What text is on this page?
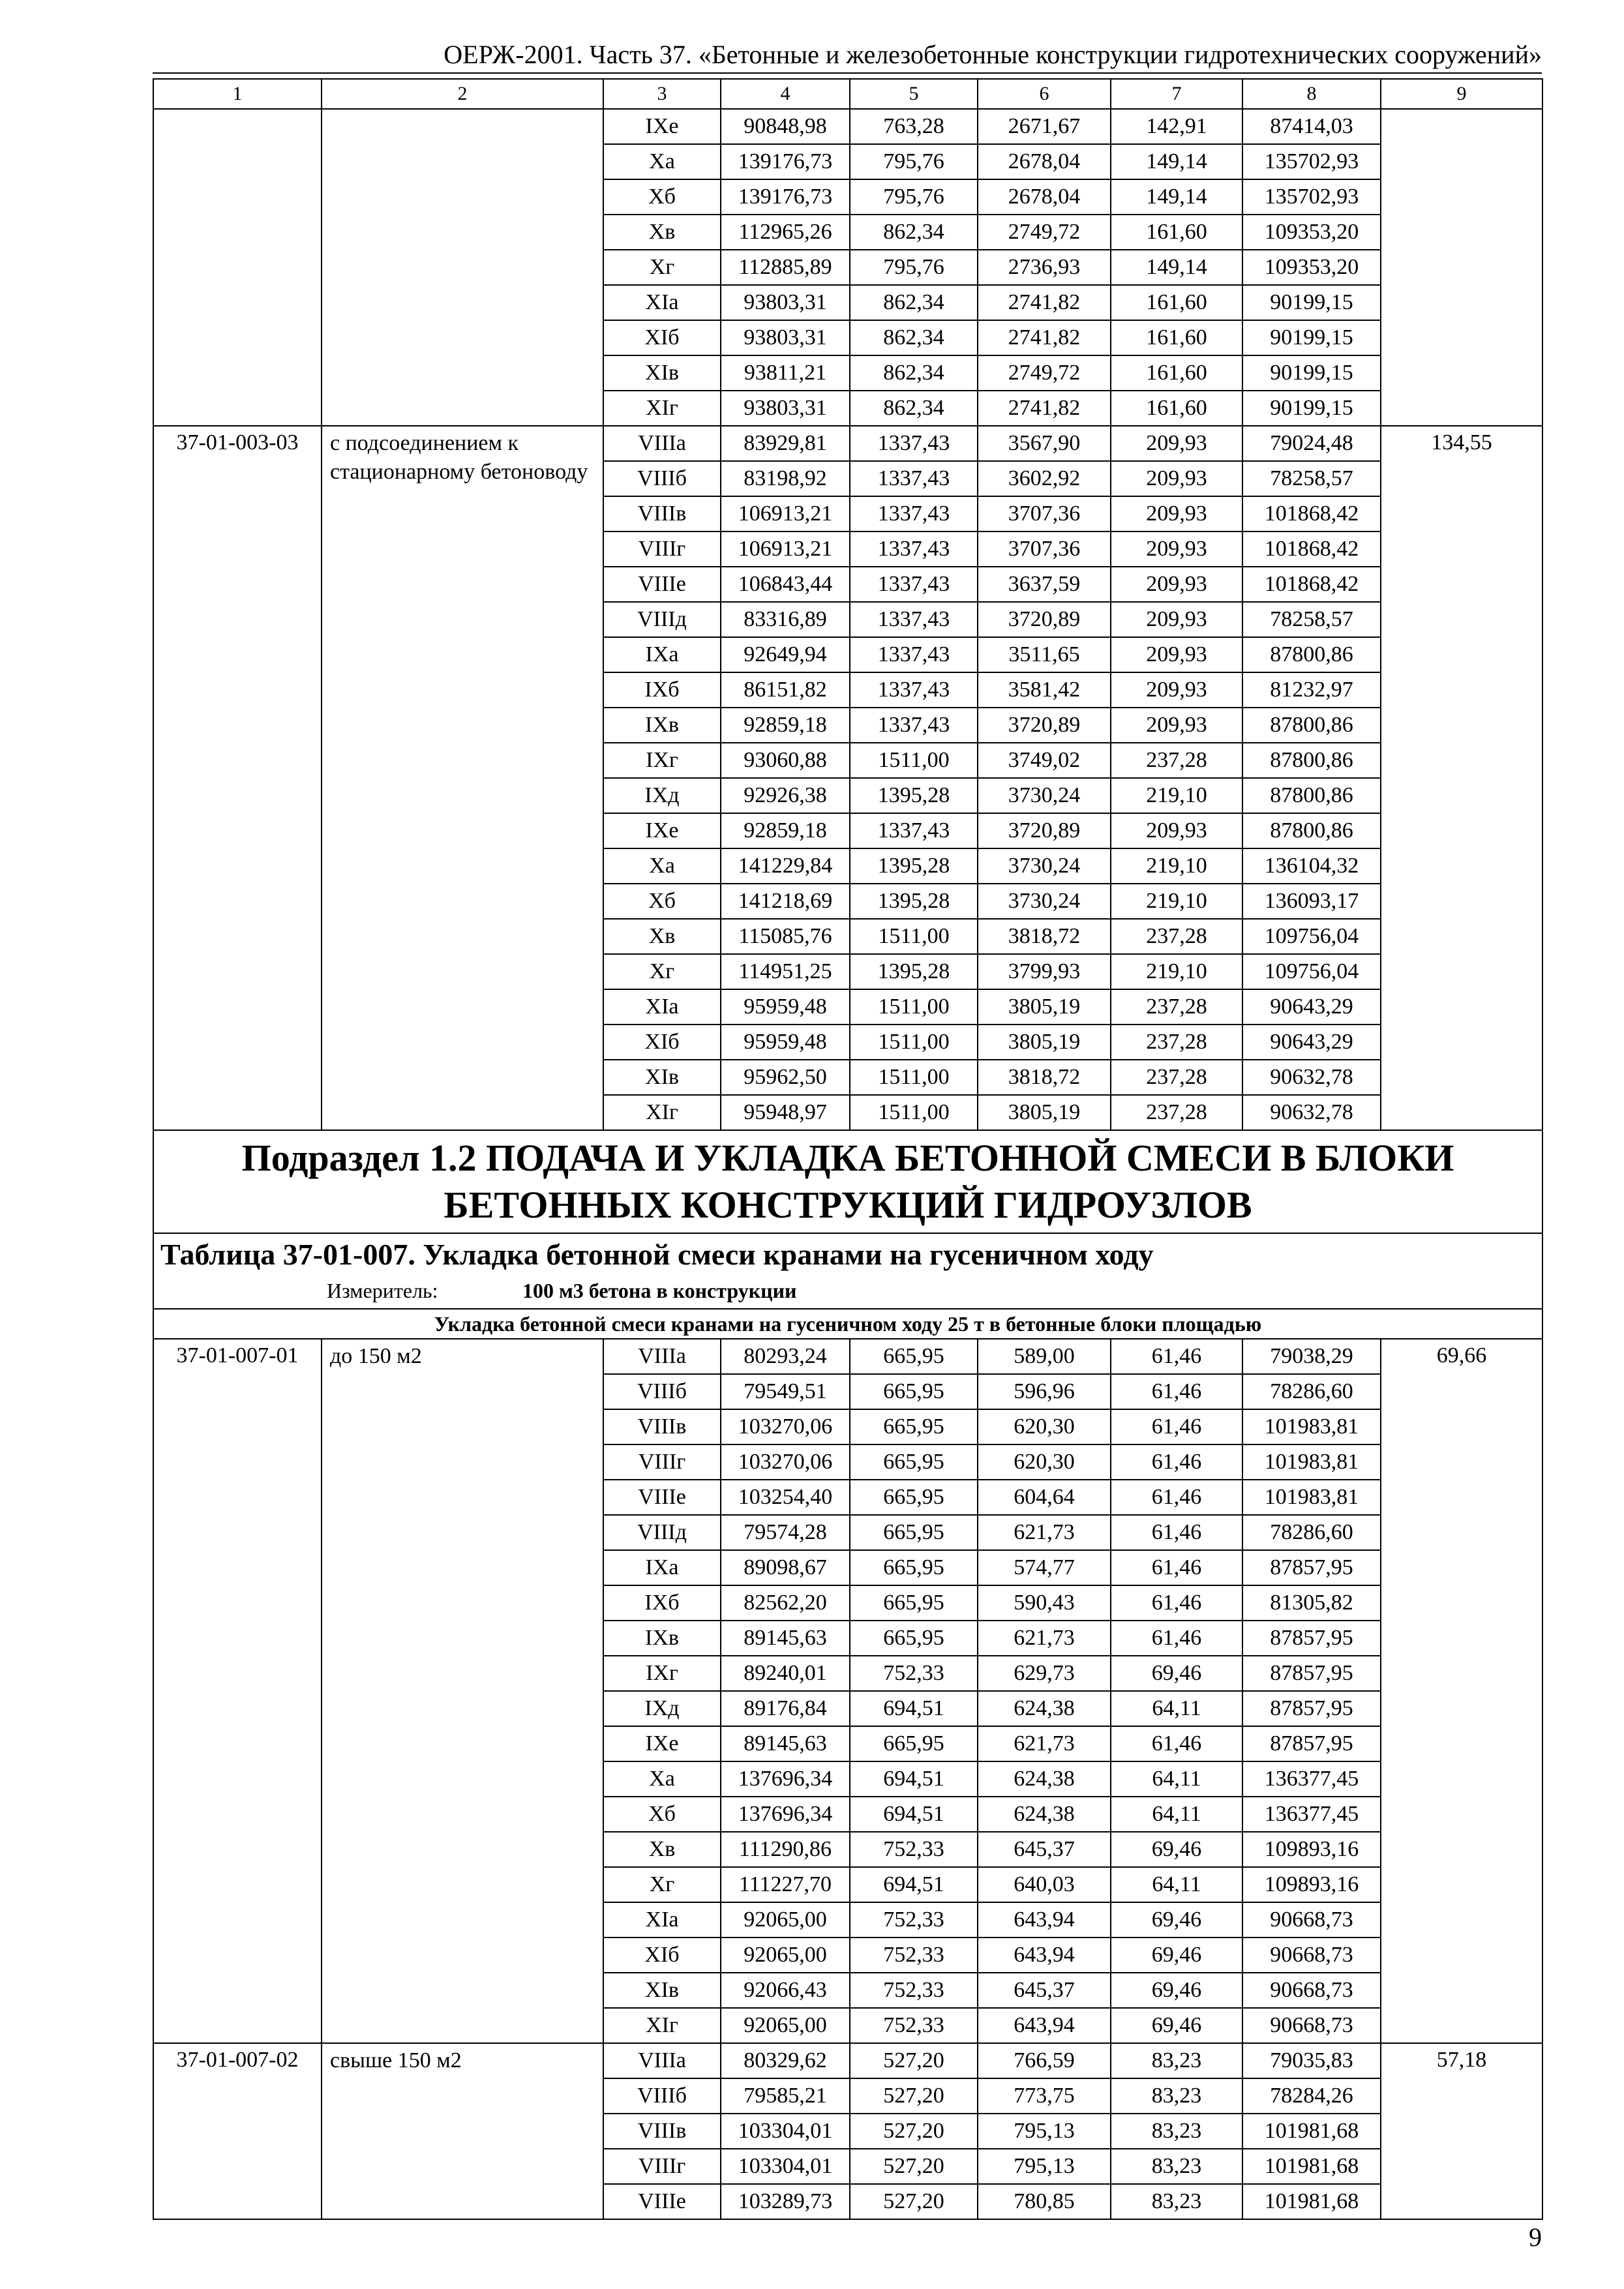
ОЕРЖ-2001. Часть 37. «Бетонные и железобетонные конструкции гидротехнических сооружений»
1	2	3	4	5	6	7	8	9
		IXе	90848,98	763,28	2671,67	142,91	87414,03	
		Xа	139176,73	795,76	2678,04	149,14	135702,93	
		Xб	139176,73	795,76	2678,04	149,14	135702,93	
		Xв	112965,26	862,34	2749,72	161,60	109353,20	
		Xг	112885,89	795,76	2736,93	149,14	109353,20	
		XIа	93803,31	862,34	2741,82	161,60	90199,15	
		XIб	93803,31	862,34	2741,82	161,60	90199,15	
		XIв	93811,21	862,34	2749,72	161,60	90199,15	
		XIг	93803,31	862,34	2741,82	161,60	90199,15	
37-01-003-03	с подсоединением к стационарному бетоноводу	VIIIа	83929,81	1337,43	3567,90	209,93	79024,48	134,55
		VIIIб	83198,92	1337,43	3602,92	209,93	78258,57	
		VIIIв	106913,21	1337,43	3707,36	209,93	101868,42	
		VIIIг	106913,21	1337,43	3707,36	209,93	101868,42	
		VIIIе	106843,44	1337,43	3637,59	209,93	101868,42	
		VIIIд	83316,89	1337,43	3720,89	209,93	78258,57	
		IXа	92649,94	1337,43	3511,65	209,93	87800,86	
		IXб	86151,82	1337,43	3581,42	209,93	81232,97	
		IXв	92859,18	1337,43	3720,89	209,93	87800,86	
		IXг	93060,88	1511,00	3749,02	237,28	87800,86	
		IXд	92926,38	1395,28	3730,24	219,10	87800,86	
		IXе	92859,18	1337,43	3720,89	209,93	87800,86	
		Xа	141229,84	1395,28	3730,24	219,10	136104,32	
		Xб	141218,69	1395,28	3730,24	219,10	136093,17	
		Xв	115085,76	1511,00	3818,72	237,28	109756,04	
		Xг	114951,25	1395,28	3799,93	219,10	109756,04	
		XIа	95959,48	1511,00	3805,19	237,28	90643,29	
		XIб	95959,48	1511,00	3805,19	237,28	90643,29	
		XIв	95962,50	1511,00	3818,72	237,28	90632,78	
		XIг	95948,97	1511,00	3805,19	237,28	90632,78	
Подраздел 1.2 ПОДАЧА И УКЛАДКА БЕТОННОЙ СМЕСИ В БЛОКИ БЕТОННЫХ КОНСТРУКЦИЙ ГИДРОУЗЛОВ								

Таблица 37-01-007. Укладка бетонной смеси кранами на гусеничном ходу
Измеритель: 100 м3 бетона в конструкции								

Укладка бетонной смеси кранами на гусеничном ходу 25 т в бетонные блоки площадью								
37-01-007-01	до 150 м2	VIIIа	80293,24	665,95	589,00	61,46	79038,29	69,66
		VIIIб	79549,51	665,95	596,96	61,46	78286,60	
		VIIIв	103270,06	665,95	620,30	61,46	101983,81	
		VIIIг	103270,06	665,95	620,30	61,46	101983,81	
		VIIIе	103254,40	665,95	604,64	61,46	101983,81	
		VIIIд	79574,28	665,95	621,73	61,46	78286,60	
		IXа	89098,67	665,95	574,77	61,46	87857,95	
		IXб	82562,20	665,95	590,43	61,46	81305,82	
		IXв	89145,63	665,95	621,73	61,46	87857,95	
		IXг	89240,01	752,33	629,73	69,46	87857,95	
		IXд	89176,84	694,51	624,38	64,11	87857,95	
		IXе	89145,63	665,95	621,73	61,46	87857,95	
		Xа	137696,34	694,51	624,38	64,11	136377,45	
		Xб	137696,34	694,51	624,38	64,11	136377,45	
		Xв	111290,86	752,33	645,37	69,46	109893,16	
		Xг	111227,70	694,51	640,03	64,11	109893,16	
		XIа	92065,00	752,33	643,94	69,46	90668,73	
		XIб	92065,00	752,33	643,94	69,46	90668,73	
		XIв	92066,43	752,33	645,37	69,46	90668,73	
		XIг	92065,00	752,33	643,94	69,46	90668,73	
37-01-007-02	свыше 150 м2	VIIIа	80329,62	527,20	766,59	83,23	79035,83	57,18
		VIIIб	79585,21	527,20	773,75	83,23	78284,26	
		VIIIв	103304,01	527,20	795,13	83,23	101981,68	
		VIIIг	103304,01	527,20	795,13	83,23	101981,68	
		VIIIе	103289,73	527,20	780,85	83,23	101981,68	
9
